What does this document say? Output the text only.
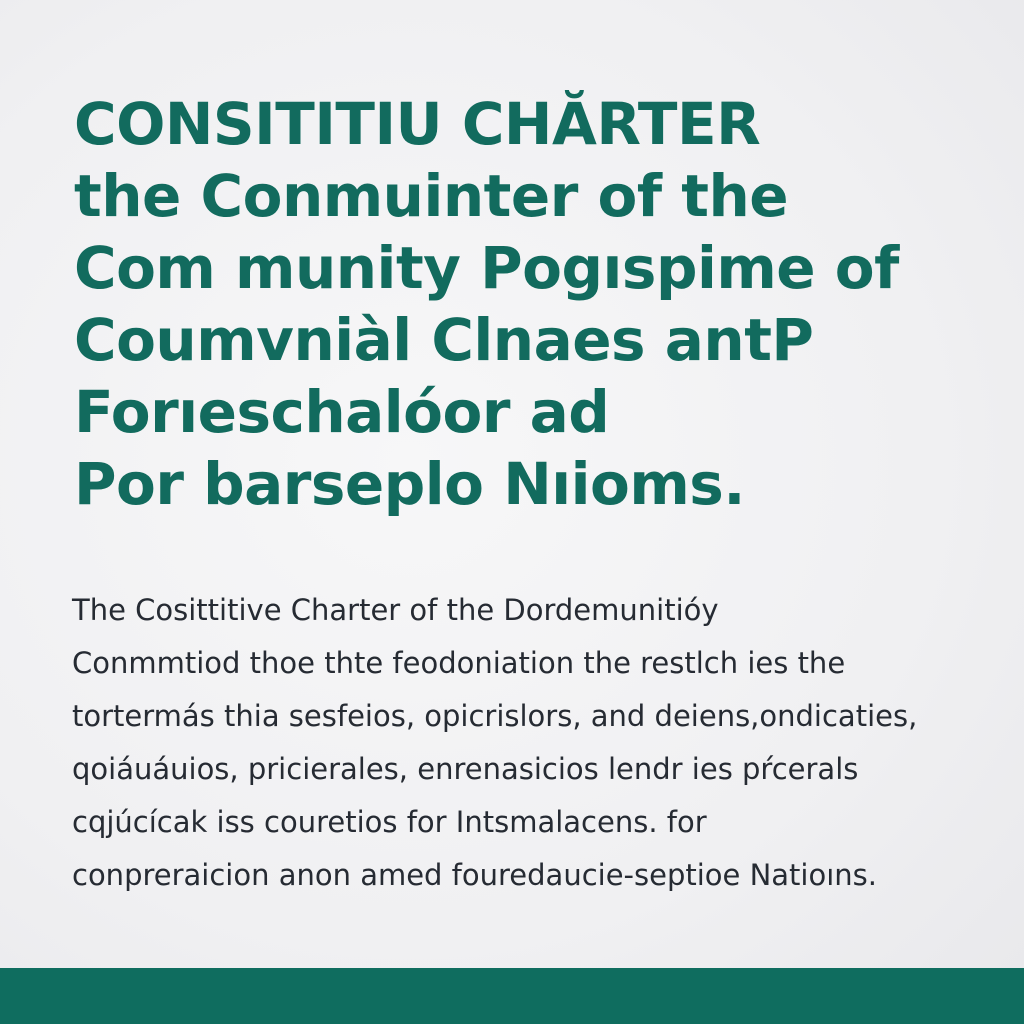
CONSITITIU CHĂRTER
the Conmuinter of the
Com munity Pogıspime of
Coumvniàl Clnaes antP
Forıeschalóor ad
Por barseplo Nıioms.

The Cosittitive Charter of the Dordemunitióy
Conmmtiod thoe thte feodoniation the restlch ies the
tortermás thia sesfeios, opicrislors, and deiens,ondicaties,
qoiáuáuios, pricierales, enrenasicios lendr ies pŕcerals
cqjúcícak iss couretios for Intsmalacens. for
conpreraicion anon amed fouredaucie-septioe Natioıns.
